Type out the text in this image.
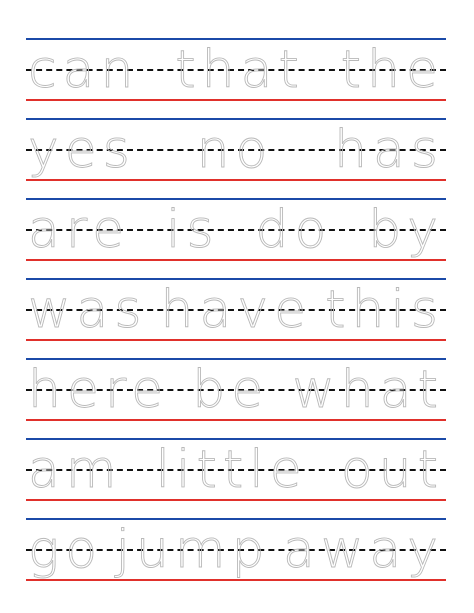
can that the
yes no has
are is do by
was have this
here be what
am little out
go jump away
